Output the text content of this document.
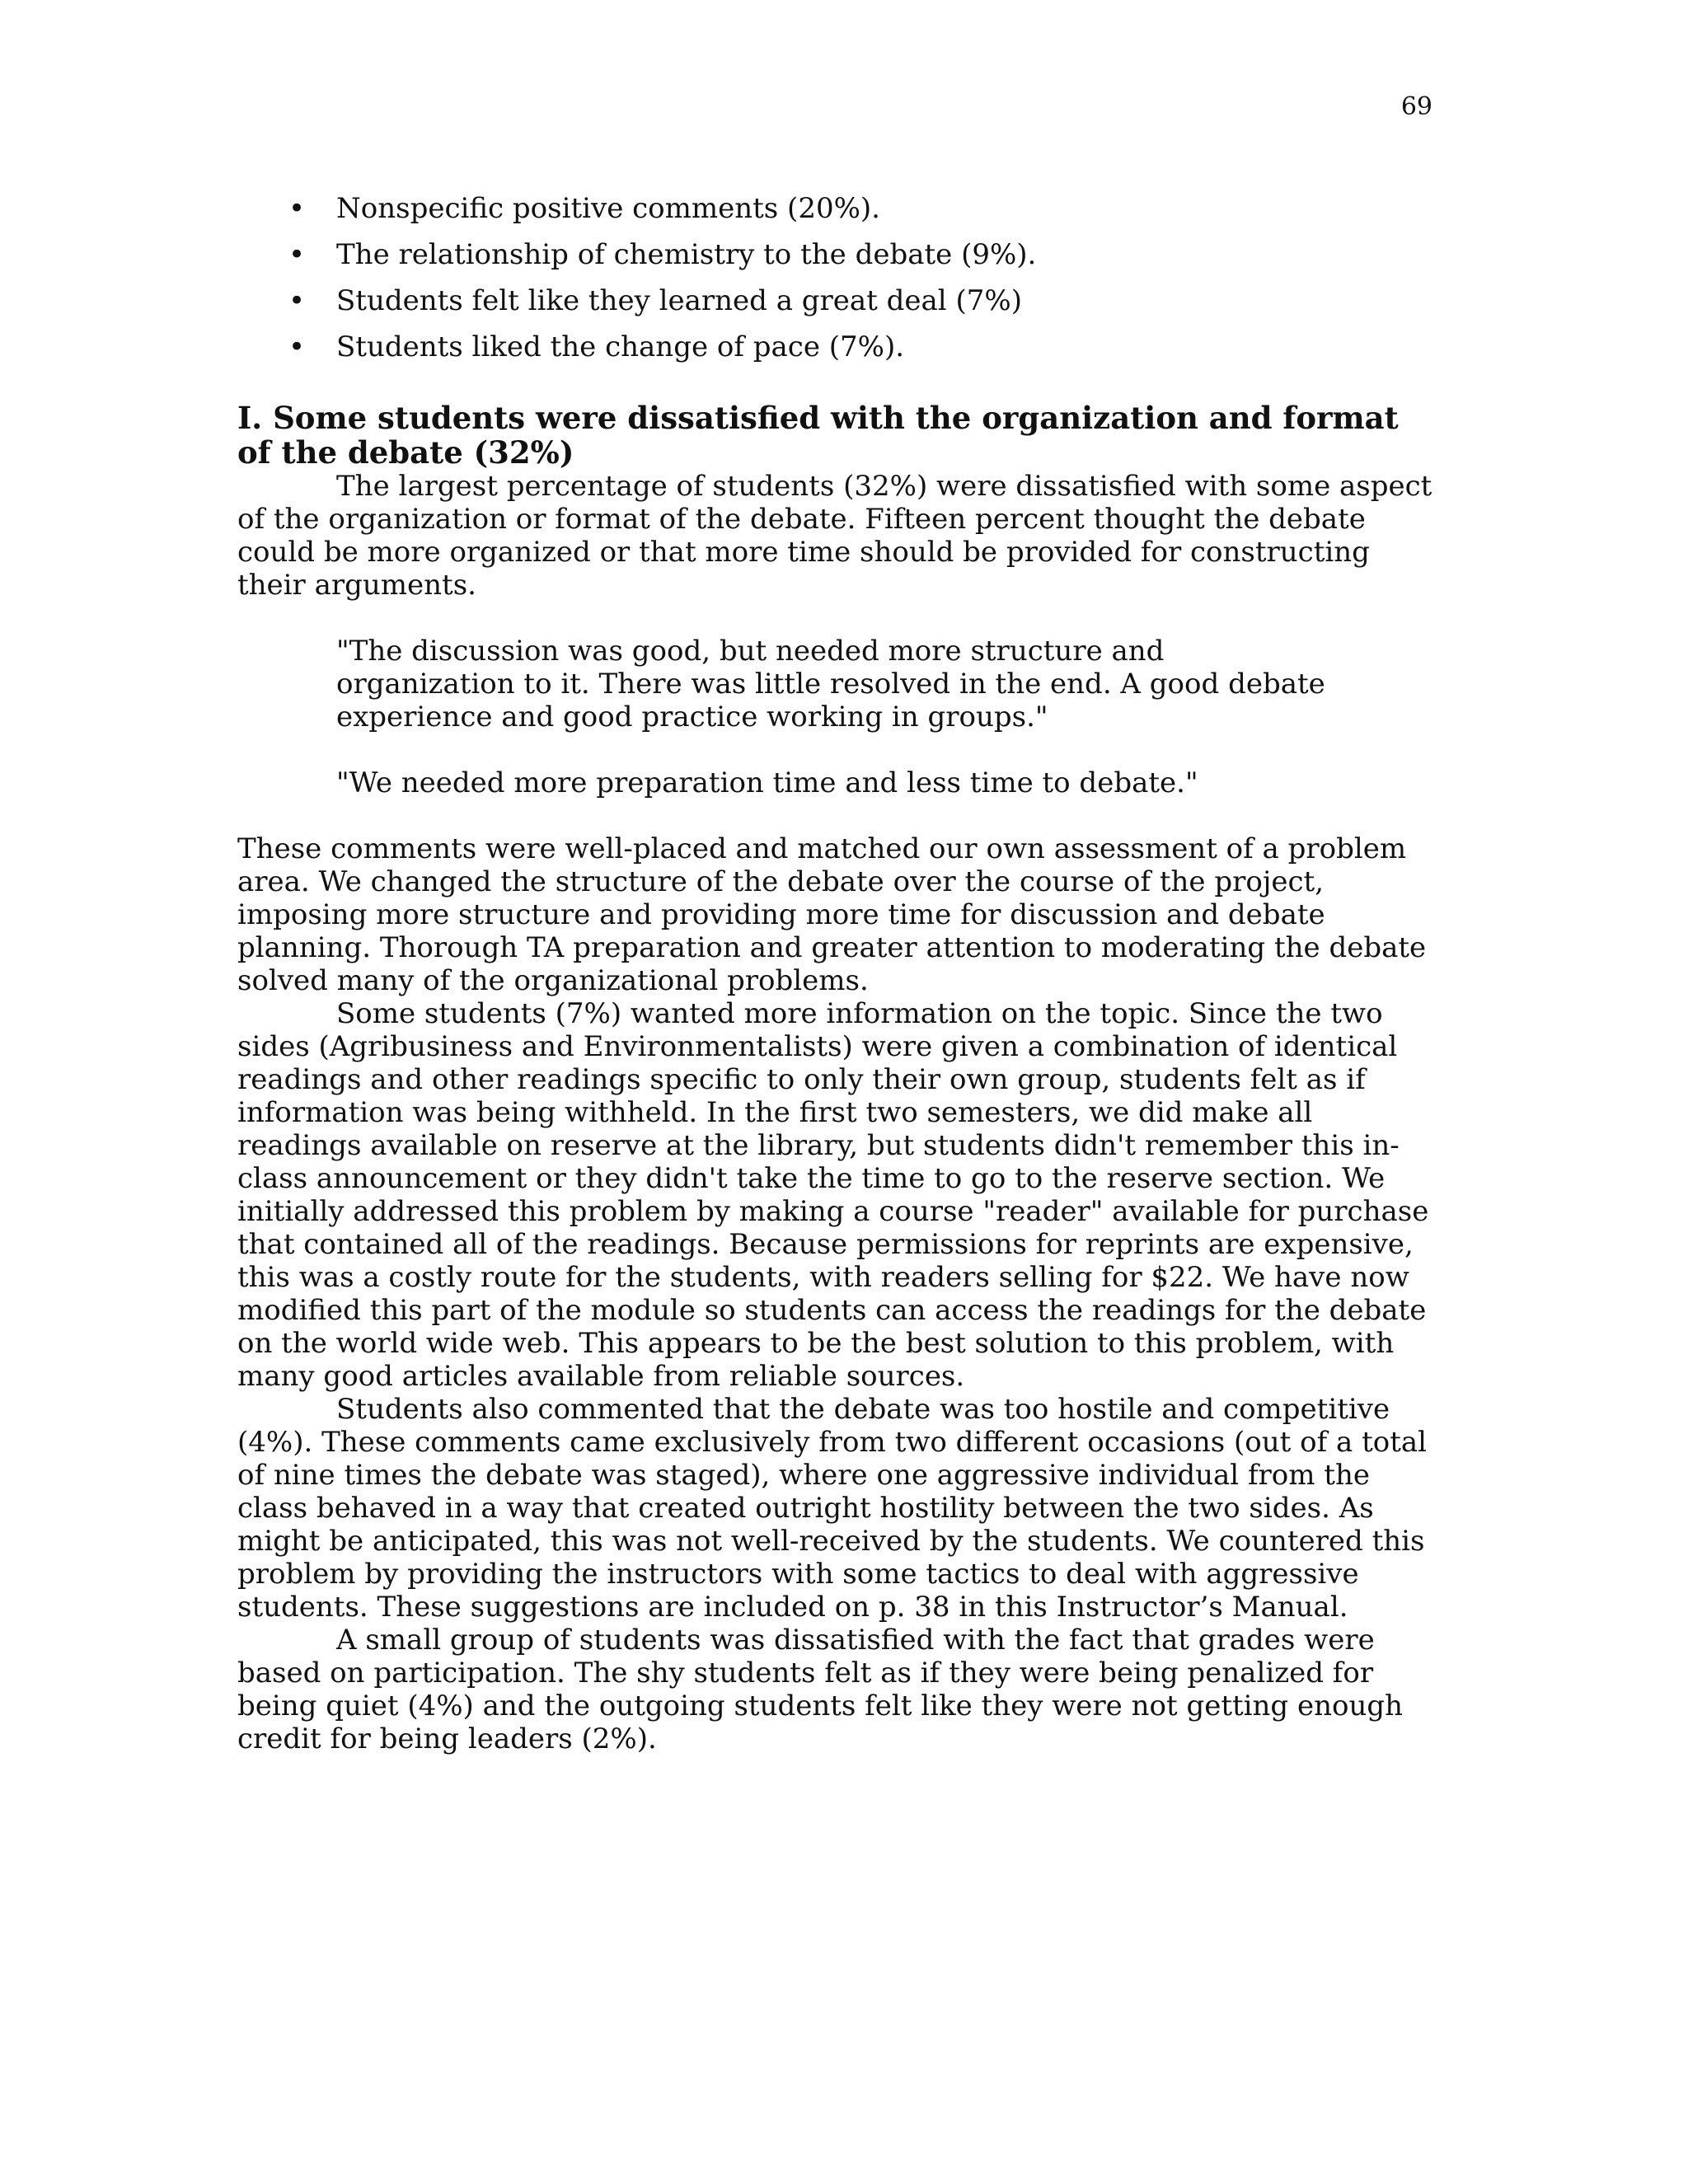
69
• Nonspecific positive comments (20%).
• The relationship of chemistry to the debate (9%).
• Students felt like they learned a great deal (7%)
• Students liked the change of pace (7%).
I. Some students were dissatisfied with the organization and format of the debate (32%)

The largest percentage of students (32%) were dissatisfied with some aspect of the organization or format of the debate. Fifteen percent thought the debate could be more organized or that more time should be provided for constructing their arguments.

"The discussion was good, but needed more structure and organization to it. There was little resolved in the end. A good debate experience and good practice working in groups."

"We needed more preparation time and less time to debate."

These comments were well-placed and matched our own assessment of a problem area. We changed the structure of the debate over the course of the project, imposing more structure and providing more time for discussion and debate planning. Thorough TA preparation and greater attention to moderating the debate solved many of the organizational problems.

Some students (7%) wanted more information on the topic. Since the two sides (Agribusiness and Environmentalists) were given a combination of identical readings and other readings specific to only their own group, students felt as if information was being withheld. In the first two semesters, we did make all readings available on reserve at the library, but students didn't remember this in-class announcement or they didn't take the time to go to the reserve section. We initially addressed this problem by making a course "reader" available for purchase that contained all of the readings. Because permissions for reprints are expensive, this was a costly route for the students, with readers selling for $22. We have now modified this part of the module so students can access the readings for the debate on the world wide web. This appears to be the best solution to this problem, with many good articles available from reliable sources.

Students also commented that the debate was too hostile and competitive (4%). These comments came exclusively from two different occasions (out of a total of nine times the debate was staged), where one aggressive individual from the class behaved in a way that created outright hostility between the two sides. As might be anticipated, this was not well-received by the students. We countered this problem by providing the instructors with some tactics to deal with aggressive students. These suggestions are included on p. 38 in this Instructor’s Manual.

A small group of students was dissatisfied with the fact that grades were based on participation. The shy students felt as if they were being penalized for being quiet (4%) and the outgoing students felt like they were not getting enough credit for being leaders (2%).
